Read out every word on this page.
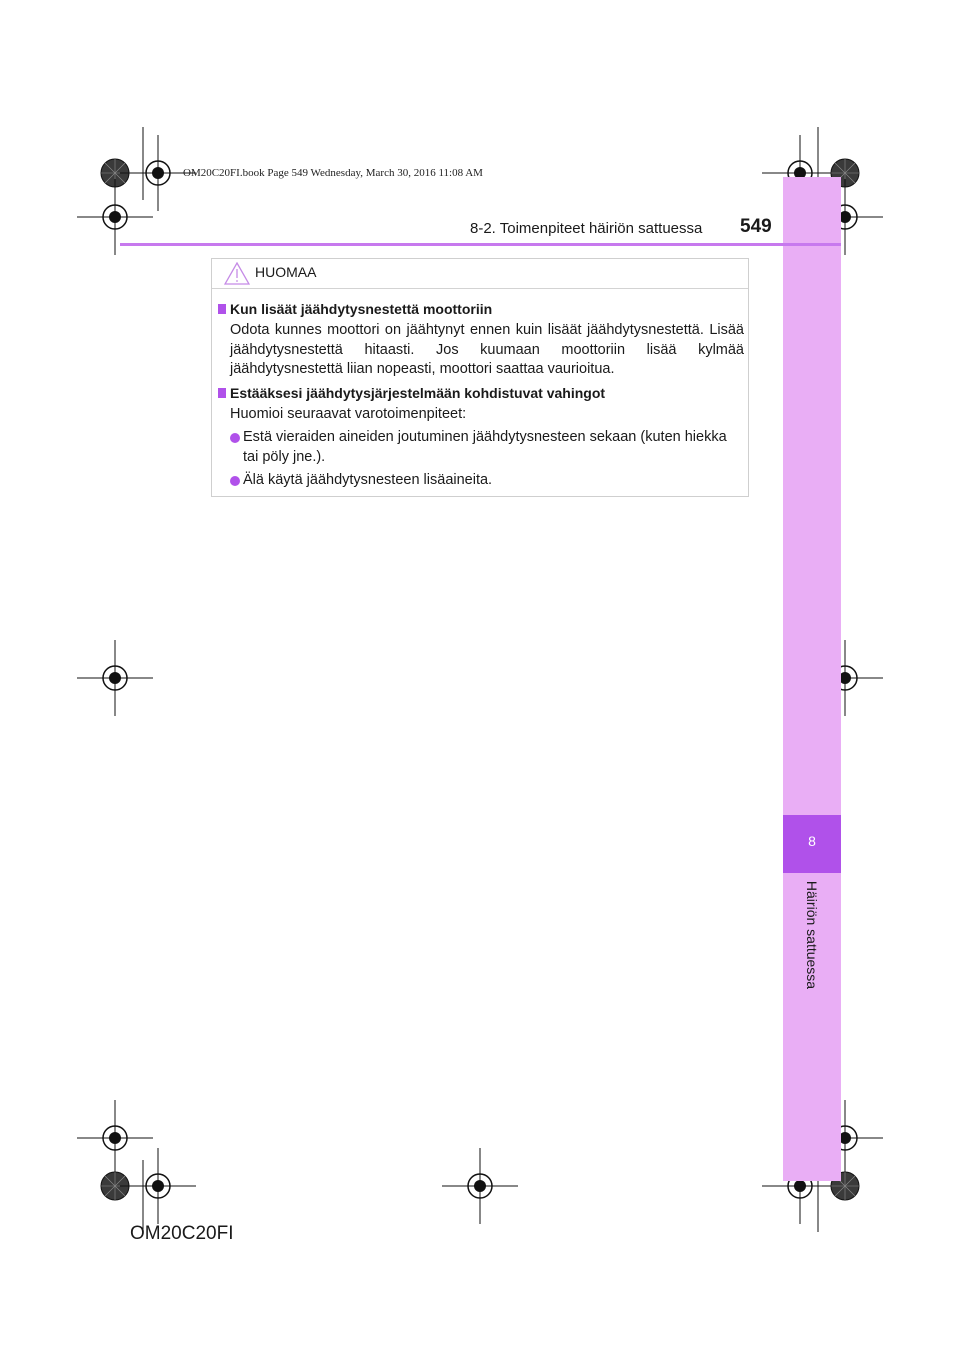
OM20C20FI.book Page 549 Wednesday, March 30, 2016 11:08 AM
8
Häiriön sattuessa
8-2. Toimenpiteet häiriön sattuessa 549
HUOMAA
Kun lisäät jäähdytysnestettä moottoriin
Odota kunnes moottori on jäähtynyt ennen kuin lisäät jäähdytysnestettä. Lisää jäähdytysnestettä hitaasti. Jos kuumaan moottoriin lisää kylmää jäähdytysnestettä liian nopeasti, moottori saattaa vaurioitua.
Estääksesi jäähdytysjärjestelmään kohdistuvat vahingot
Huomioi seuraavat varotoimenpiteet:
Estä vieraiden aineiden joutuminen jäähdytysnesteen sekaan (kuten hiekka tai pöly jne.).
Älä käytä jäähdytysnesteen lisäaineita.
OM20C20FI
